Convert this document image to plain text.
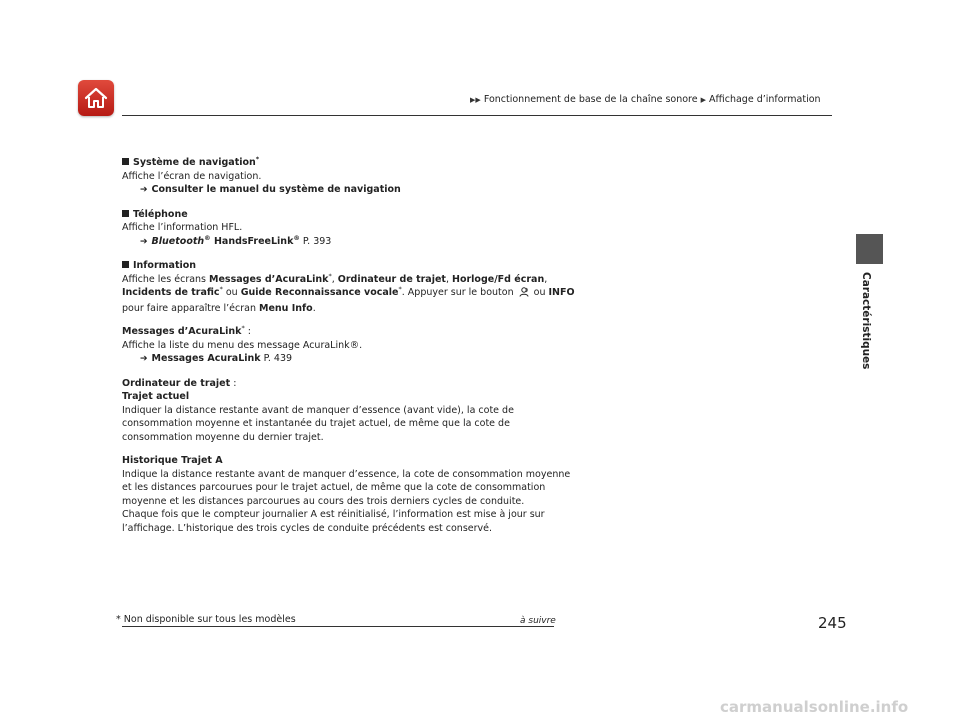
▶▶ Fonctionnement de base de la chaîne sonore ▶ Affichage d’information
Caractéristiques

Système de navigation*

Affiche l’écran de navigation.

➔ Consulter le manuel du système de navigation

Téléphone

Affiche l’information HFL.

➔ Bluetooth® HandsFreeLink® P. 393

Information

Affiche les écrans Messages d’AcuraLink*, Ordinateur de trajet, Horloge/Fd écran,

Incidents de trafic* ou Guide Reconnaissance vocale*. Appuyer sur le bouton  ou INFO

pour faire apparaître l’écran Menu Info.

Messages d’AcuraLink* :

Affiche la liste du menu des message AcuraLink®.

➔ Messages AcuraLink P. 439

Ordinateur de trajet :

Trajet actuel

Indiquer la distance restante avant de manquer d’essence (avant vide), la cote de

consommation moyenne et instantanée du trajet actuel, de même que la cote de

consommation moyenne du dernier trajet.

Historique Trajet A

Indique la distance restante avant de manquer d’essence, la cote de consommation moyenne

et les distances parcourues pour le trajet actuel, de même que la cote de consommation

moyenne et les distances parcourues au cours des trois derniers cycles de conduite.

Chaque fois que le compteur journalier A est réinitialisé, l’information est mise à jour sur

l’affichage. L’historique des trois cycles de conduite précédents est conservé.

* Non disponible sur tous les modèles	à suivre	245
carmanualsonline.info
